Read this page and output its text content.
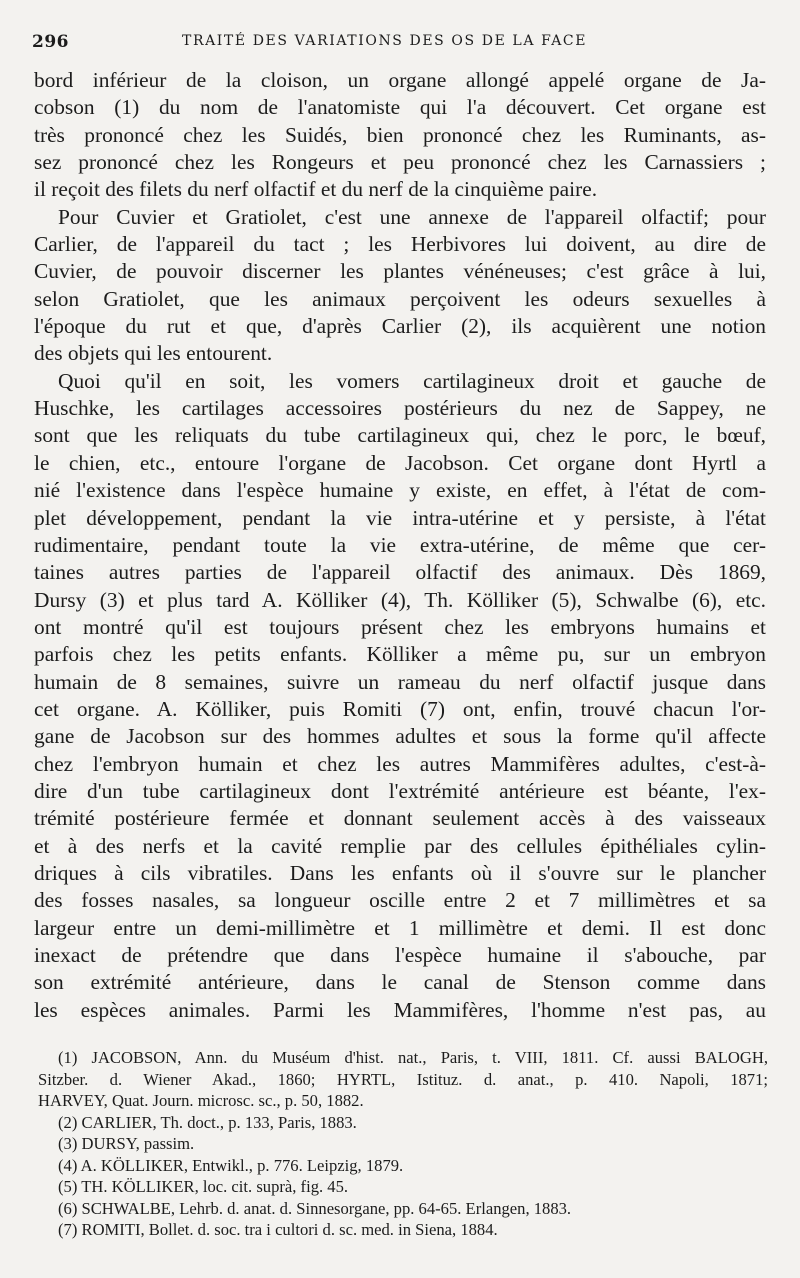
296	TRAITÉ DES VARIATIONS DES OS DE LA FACE
bord inférieur de la cloison, un organe allongé appelé organe de Ja-
cobson (1) du nom de l'anatomiste qui l'a découvert. Cet organe est
très prononcé chez les Suidés, bien prononcé chez les Ruminants, as-
sez prononcé chez les Rongeurs et peu prononcé chez les Carnassiers ;
il reçoit des filets du nerf olfactif et du nerf de la cinquième paire.
Pour Cuvier et Gratiolet, c'est une annexe de l'appareil olfactif; pour
Carlier, de l'appareil du tact ; les Herbivores lui doivent, au dire de
Cuvier, de pouvoir discerner les plantes vénéneuses; c'est grâce à lui,
selon Gratiolet, que les animaux perçoivent les odeurs sexuelles à
l'époque du rut et que, d'après Carlier (2), ils acquièrent une notion
des objets qui les entourent.
Quoi qu'il en soit, les vomers cartilagineux droit et gauche de
Huschke, les cartilages accessoires postérieurs du nez de Sappey, ne
sont que les reliquats du tube cartilagineux qui, chez le porc, le bœuf,
le chien, etc., entoure l'organe de Jacobson. Cet organe dont Hyrtl a
nié l'existence dans l'espèce humaine y existe, en effet, à l'état de com-
plet développement, pendant la vie intra-utérine et y persiste, à l'état
rudimentaire, pendant toute la vie extra-utérine, de même que cer-
taines autres parties de l'appareil olfactif des animaux. Dès 1869,
Dursy (3) et plus tard A. Kölliker (4), Th. Kölliker (5), Schwalbe (6), etc.
ont montré qu'il est toujours présent chez les embryons humains et
parfois chez les petits enfants. Kölliker a même pu, sur un embryon
humain de 8 semaines, suivre un rameau du nerf olfactif jusque dans
cet organe. A. Kölliker, puis Romiti (7) ont, enfin, trouvé chacun l'or-
gane de Jacobson sur des hommes adultes et sous la forme qu'il affecte
chez l'embryon humain et chez les autres Mammifères adultes, c'est-à-
dire d'un tube cartilagineux dont l'extrémité antérieure est béante, l'ex-
trémité postérieure fermée et donnant seulement accès à des vaisseaux
et à des nerfs et la cavité remplie par des cellules épithéliales cylin-
driques à cils vibratiles. Dans les enfants où il s'ouvre sur le plancher
des fosses nasales, sa longueur oscille entre 2 et 7 millimètres et sa
largeur entre un demi-millimètre et 1 millimètre et demi. Il est donc
inexact de prétendre que dans l'espèce humaine il s'abouche, par
son extrémité antérieure, dans le canal de Stenson comme dans
les espèces animales. Parmi les Mammifères, l'homme n'est pas, au
(1) JACOBSON, Ann. du Muséum d'hist. nat., Paris, t. VIII, 1811. Cf. aussi BALOGH,
Sitzber. d. Wiener Akad., 1860; HYRTL, Istituz. d. anat., p. 410. Napoli, 1871;
HARVEY, Quat. Journ. microsc. sc., p. 50, 1882.
(2) CARLIER, Th. doct., p. 133, Paris, 1883.
(3) DURSY, passim.
(4) A. KÖLLIKER, Entwikl., p. 776. Leipzig, 1879.
(5) TH. KÖLLIKER, loc. cit. suprà, fig. 45.
(6) SCHWALBE, Lehrb. d. anat. d. Sinnesorgane, pp. 64-65. Erlangen, 1883.
(7) ROMITI, Bollet. d. soc. tra i cultori d. sc. med. in Siena, 1884.
